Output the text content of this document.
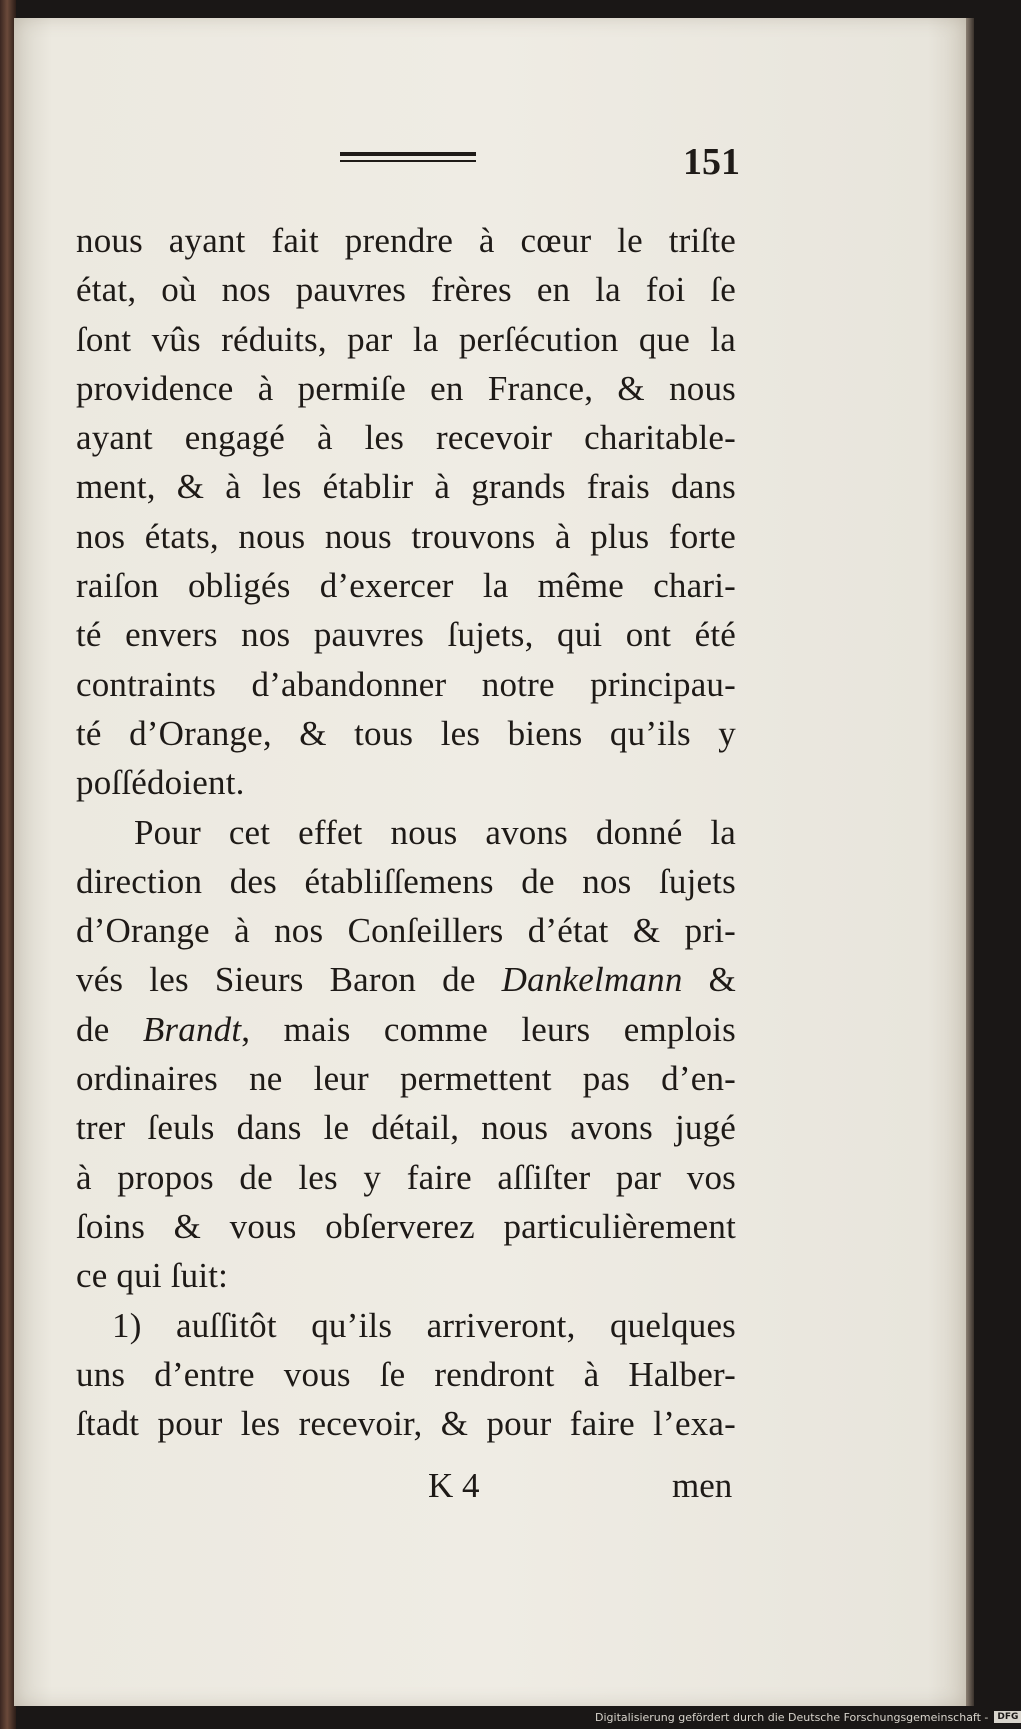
151
nous ayant fait prendre à cœur le triſte
état, où nos pauvres frères en la foi ſe
ſont vûs réduits, par la perſécution que la
providence à permiſe en France, & nous
ayant engagé à les recevoir charitable-
ment, & à les établir à grands frais dans
nos états, nous nous trouvons à plus forte
raiſon obligés d’exercer la même chari-
té envers nos pauvres ſujets, qui ont été
contraints d’abandonner notre principau-
té d’Orange, & tous les biens qu’ils y
poſſédoient.
Pour cet effet nous avons donné la
direction des établiſſemens de nos ſujets
d’Orange à nos Conſeillers d’état & pri-
vés les Sieurs Baron de Dankelmann &
de Brandt, mais comme leurs emplois
ordinaires ne leur permettent pas d’en-
trer ſeuls dans le détail, nous avons jugé
à propos de les y faire aſſiſter par vos
ſoins & vous obſerverez particulièrement
ce qui ſuit:
1) auſſitôt qu’ils arriveront, quelques
uns d’entre vous ſe rendront à Halber-
ſtadt pour les recevoir, & pour faire l’exa-
K 4	men
Digitalisierung gefördert durch die Deutsche Forschungsgemeinschaft -	DFG
